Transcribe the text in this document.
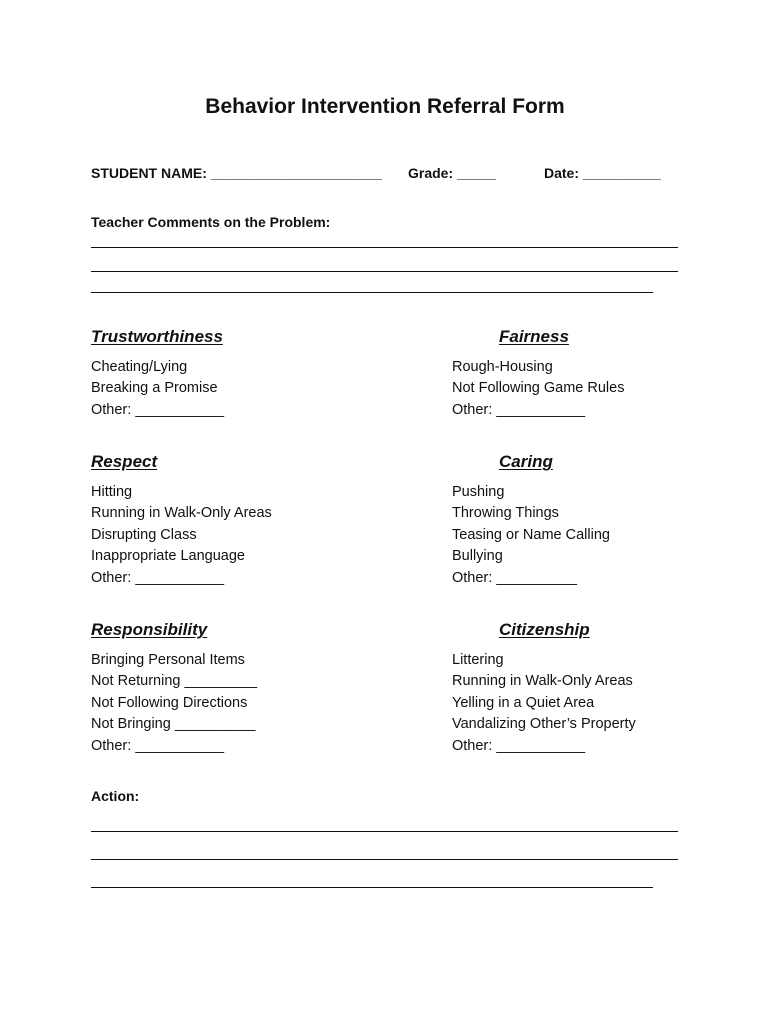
Behavior Intervention Referral Form
STUDENT NAME: ______________________ Grade: _____	Date: __________
Teacher Comments on the Problem:
Trustworthiness	Fairness
Cheating/Lying
Breaking a Promise
Other: ___________
Rough-Housing
Not Following Game Rules
Other: ___________
Respect	Caring
Hitting
Running in Walk-Only Areas
Disrupting Class
Inappropriate Language
Other: ___________
Pushing
Throwing Things
Teasing or Name Calling
Bullying
Other: __________
Responsibility	Citizenship
Bringing Personal Items
Not Returning _________
Not Following Directions
Not Bringing __________
Other: ___________
Littering
Running in Walk-Only Areas
Yelling in a Quiet Area
Vandalizing Other’s Property
Other: ___________
Action:
